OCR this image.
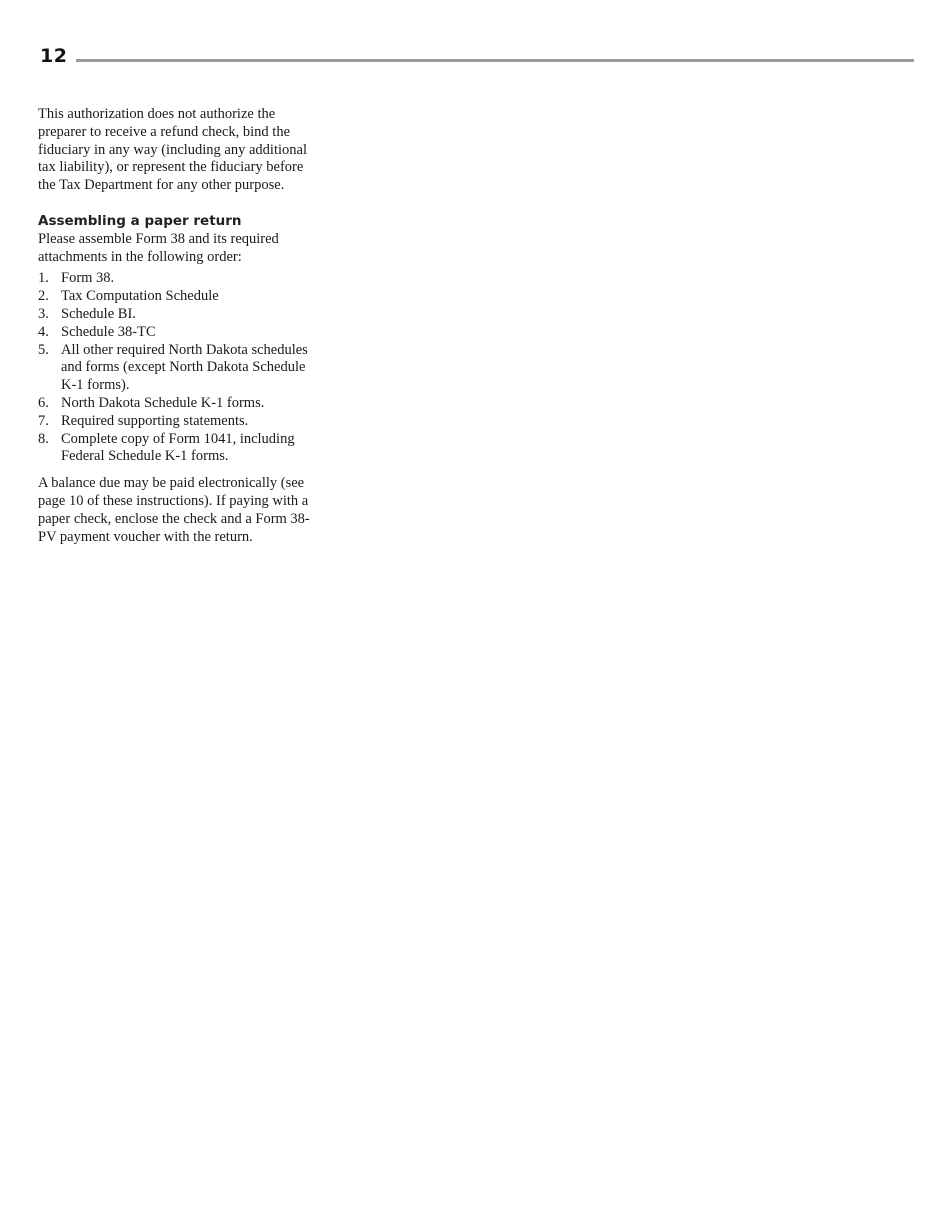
12

This authorization does not authorize the preparer to receive a refund check, bind the fiduciary in any way (including any additional tax liability), or represent the fiduciary before the Tax Department for any other purpose.

Assembling a paper return

Please assemble Form 38 and its required attachments in the following order:

1. Form 38.
2. Tax Computation Schedule
3. Schedule BI.
4. Schedule 38-TC
5. All other required North Dakota schedules and forms (except North Dakota Schedule K-1 forms).
6. North Dakota Schedule K-1 forms.
7. Required supporting statements.
8. Complete copy of Form 1041, including Federal Schedule K-1 forms.

A balance due may be paid electronically (see page 10 of these instructions). If paying with a paper check, enclose the check and a Form 38-PV payment voucher with the return.
